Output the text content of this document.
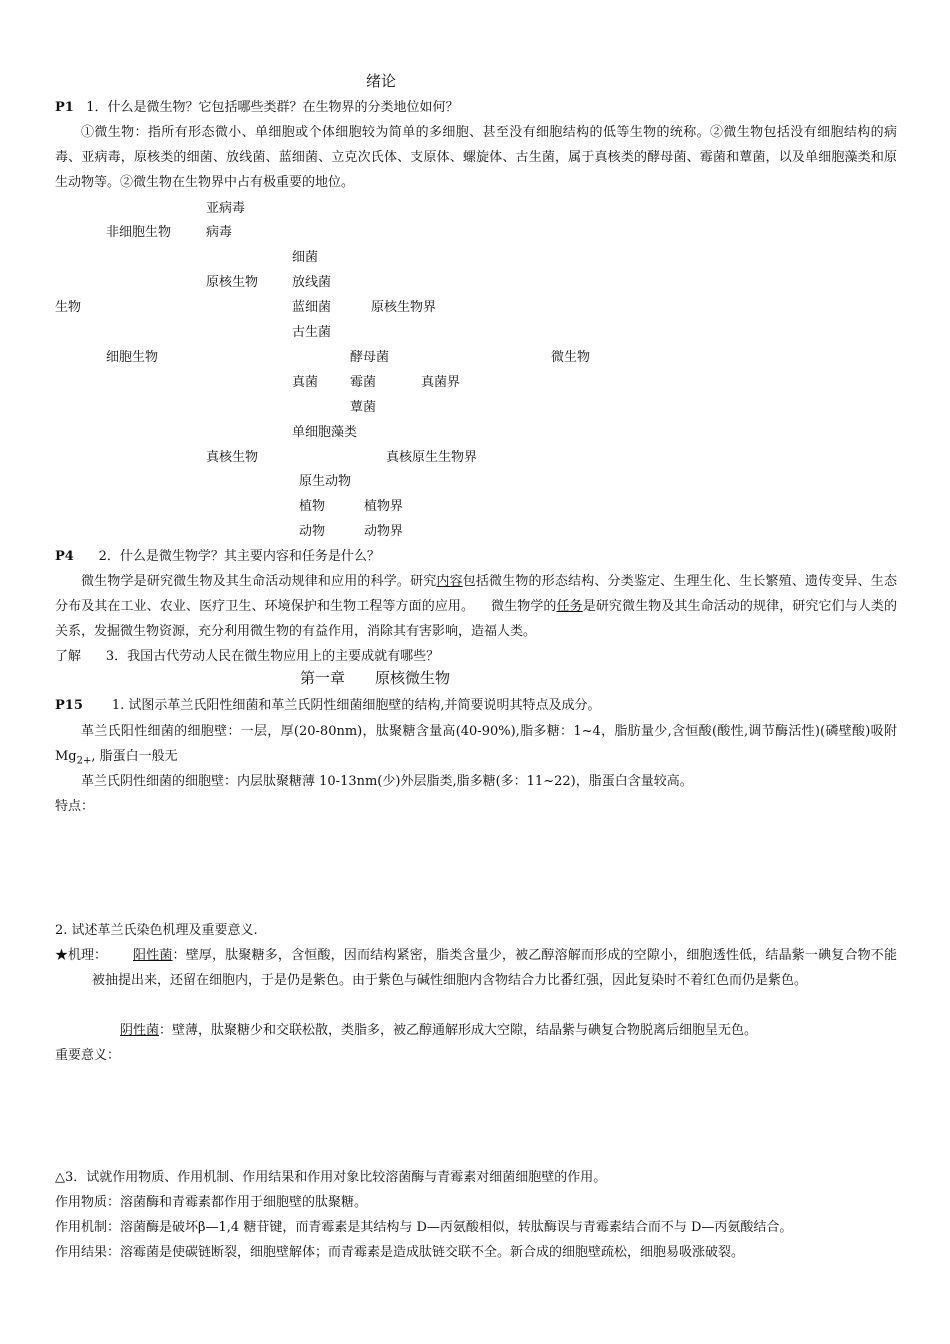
绪论
P1 1．什么是微生物？它包括哪些类群？在生物界的分类地位如何？
①微生物：指所有形态微小、单细胞或个体细胞较为简单的多细胞、甚至没有细胞结构的低等生物的统称。②微生物包括没有细胞结构的病毒、亚病毒，原核类的细菌、放线菌、蓝细菌、立克次氏体、支原体、螺旋体、古生菌，属于真核类的酵母菌、霉菌和蕈菌，以及单细胞藻类和原生动物等。②微生物在生物界中占有极重要的地位。
亚病毒
非细胞生物	病毒
细菌
原核生物	放线菌
生物	蓝细菌	原核生物界
古生菌
细胞生物	酵母菌	微生物
真菌 霉菌	真菌界
蕈菌
单细胞藻类
真核生物	真核原生生物界
原生动物
植物	植物界
动物	动物界
P4 2．什么是微生物学？其主要内容和任务是什么？
微生物学是研究微生物及其生命活动规律和应用的科学。研究内容包括微生物的形态结构、分类鉴定、生理生化、生长繁殖、遗传变异、生态分布及其在工业、农业、医疗卫生、环境保护和生物工程等方面的应用。 微生物学的任务是研究微生物及其生命活动的规律，研究它们与人类的关系，发掘微生物资源，充分利用微生物的有益作用，消除其有害影响，造福人类。
了解 3．我国古代劳动人民在微生物应用上的主要成就有哪些？
第一章　　原核微生物
P15 1. 试图示革兰氏阳性细菌和革兰氏阴性细菌细胞壁的结构,并简要说明其特点及成分。
革兰氏阳性细菌的细胞壁：一层，厚(20-80nm)，肽聚糖含量高(40-90%),脂多糖：1~4，脂肪量少,含恒酸(酸性,调节酶活性)(磷壁酸)吸附 $Mg_{2+}$, 脂蛋白一般无
革兰氏阴性细菌的细胞壁：内层肽聚糖薄 10-13nm(少)外层脂类,脂多糖(多：11~22)，脂蛋白含量较高。
特点：
2. 试述革兰氏染色机理及重要意义.
★机理：	阳性菌：壁厚，肽聚糖多，含恒酸，因而结构紧密，脂类含量少，被乙醇溶解而形成的空隙小，细胞透性低，结晶紫一碘复合物不能被抽提出来，还留在细胞内，于是仍是紫色。由于紫色与碱性细胞内含物结合力比番红强，因此复染时不着红色而仍是紫色。
阴性菌：壁薄，肽聚糖少和交联松散，类脂多，被乙醇通解形成大空隙，结晶紫与碘复合物脱离后细胞呈无色。
重要意义：
△3．试就作用物质、作用机制、作用结果和作用对象比较溶菌酶与青霉素对细菌细胞壁的作用。
作用物质：溶菌酶和青霉素都作用于细胞壁的肽聚糖。
作用机制：溶菌酶是破坏β—1,4 糖苷键，而青霉素是其结构与 D—丙氨酸相似，转肽酶误与青霉素结合而不与 D—丙氨酸结合。
作用结果：溶霉菌是使碳链断裂，细胞壁解体；而青霉素是造成肽链交联不全。新合成的细胞壁疏松，细胞易吸涨破裂。
